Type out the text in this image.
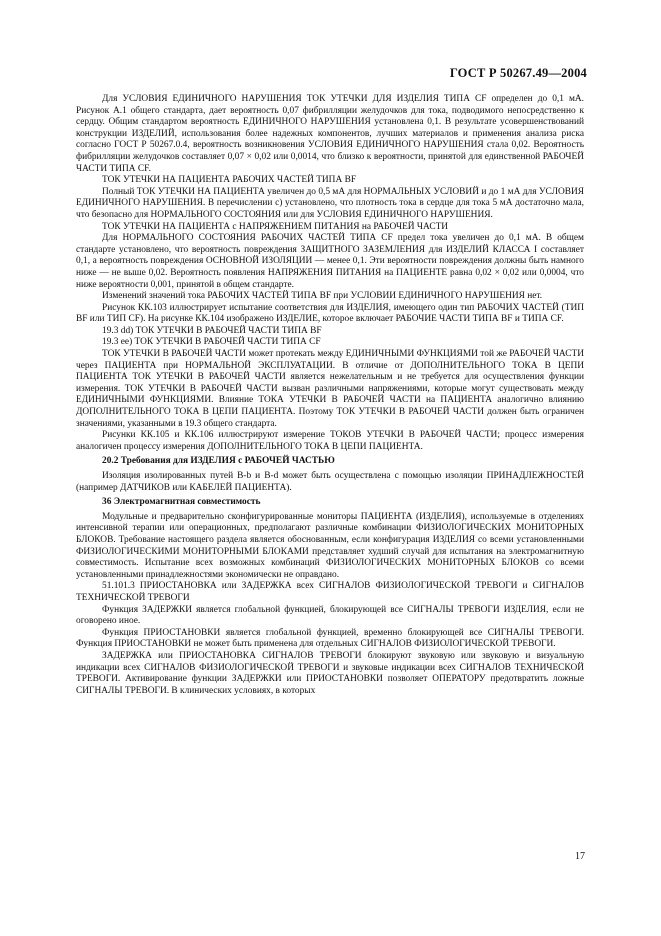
ГОСТ Р 50267.49—2004

Для УСЛОВИЯ ЕДИНИЧНОГО НАРУШЕНИЯ ТОК УТЕЧКИ ДЛЯ ИЗДЕЛИЯ ТИПА CF определен до 0,1 мА. Рисунок А.1 общего стандарта, дает вероятность 0,07 фибрилляции желудочков для тока, подводимого непосредственно к сердцу. Общим стандартом вероятность ЕДИНИЧНОГО НАРУШЕНИЯ установлена 0,1. В результате усовершенствований конструкции ИЗДЕЛИЙ, использования более надежных компонентов, лучших материалов и применения анализа риска согласно ГОСТ Р 50267.0.4, вероятность возникновения УСЛОВИЯ ЕДИНИЧНОГО НАРУШЕНИЯ стала 0,02. Вероятность фибрилляции желудочков составляет 0,07 × 0,02 или 0,0014, что близко к вероятности, принятой для единственной РАБОЧЕЙ ЧАСТИ ТИПА CF.

ТОК УТЕЧКИ НА ПАЦИЕНТА РАБОЧИХ ЧАСТЕЙ ТИПА BF

Полный ТОК УТЕЧКИ НА ПАЦИЕНТА увеличен до 0,5 мА для НОРМАЛЬНЫХ УСЛОВИЙ и до 1 мА для УСЛОВИЯ ЕДИНИЧНОГО НАРУШЕНИЯ. В перечислении с) установлено, что плотность тока в сердце для тока 5 мА достаточно мала, что безопасно для НОРМАЛЬНОГО СОСТОЯНИЯ или для УСЛОВИЯ ЕДИНИЧНОГО НАРУШЕНИЯ.

ТОК УТЕЧКИ НА ПАЦИЕНТА с НАПРЯЖЕНИЕМ ПИТАНИЯ на РАБОЧЕЙ ЧАСТИ

Для НОРМАЛЬНОГО СОСТОЯНИЯ РАБОЧИХ ЧАСТЕЙ ТИПА CF предел тока увеличен до 0,1 мА. В общем стандарте установлено, что вероятность повреждения ЗАЩИТНОГО ЗАЗЕМЛЕНИЯ для ИЗДЕЛИЙ КЛАССА I составляет 0,1, а вероятность повреждения ОСНОВНОЙ ИЗОЛЯЦИИ — менее 0,1. Эти вероятности повреждения должны быть намного ниже — не выше 0,02. Вероятность появления НАПРЯЖЕНИЯ ПИТАНИЯ на ПАЦИЕНТЕ равна 0,02 × 0,02 или 0,0004, что ниже вероятности 0,001, принятой в общем стандарте.

Изменений значений тока РАБОЧИХ ЧАСТЕЙ ТИПА BF при УСЛОВИИ ЕДИНИЧНОГО НАРУШЕНИЯ нет.

Рисунок КК.103 иллюстрирует испытание соответствия для ИЗДЕЛИЯ, имеющего один тип РАБОЧИХ ЧАСТЕЙ (ТИП BF или ТИП CF). На рисунке КК.104 изображено ИЗДЕЛИЕ, которое включает РАБОЧИЕ ЧАСТИ ТИПА BF и ТИПА CF.

19.3 dd) ТОК УТЕЧКИ В РАБОЧЕЙ ЧАСТИ ТИПА BF

19.3 ее) ТОК УТЕЧКИ В РАБОЧЕЙ ЧАСТИ ТИПА CF

ТОК УТЕЧКИ В РАБОЧЕЙ ЧАСТИ может протекать между ЕДИНИЧНЫМИ ФУНКЦИЯМИ той же РАБОЧЕЙ ЧАСТИ через ПАЦИЕНТА при НОРМАЛЬНОЙ ЭКСПЛУАТАЦИИ. В отличие от ДОПОЛНИТЕЛЬНОГО ТОКА В ЦЕПИ ПАЦИЕНТА ТОК УТЕЧКИ В РАБОЧЕЙ ЧАСТИ является нежелательным и не требуется для осуществления функции измерения. ТОК УТЕЧКИ В РАБОЧЕЙ ЧАСТИ вызван различными напряжениями, которые могут существовать между ЕДИНИЧНЫМИ ФУНКЦИЯМИ. Влияние ТОКА УТЕЧКИ В РАБОЧЕЙ ЧАСТИ на ПАЦИЕНТА аналогично влиянию ДОПОЛНИТЕЛЬНОГО ТОКА В ЦЕПИ ПАЦИЕНТА. Поэтому ТОК УТЕЧКИ В РАБОЧЕЙ ЧАСТИ должен быть ограничен значениями, указанными в 19.3 общего стандарта.

Рисунки КК.105 и КК.106 иллюстрируют измерение ТОКОВ УТЕЧКИ В РАБОЧЕЙ ЧАСТИ; процесс измерения аналогичен процессу измерения ДОПОЛНИТЕЛЬНОГО ТОКА В ЦЕПИ ПАЦИЕНТА.

20.2 Требования для ИЗДЕЛИЯ с РАБОЧЕЙ ЧАСТЬЮ

Изоляция изолированных путей В-b и В-d может быть осуществлена с помощью изоляции ПРИНАДЛЕЖНОСТЕЙ (например ДАТЧИКОВ или КАБЕЛЕЙ ПАЦИЕНТА).

36 Электромагнитная совместимость

Модульные и предварительно сконфигурированные мониторы ПАЦИЕНТА (ИЗДЕЛИЯ), используемые в отделениях интенсивной терапии или операционных, предполагают различные комбинации ФИЗИОЛОГИЧЕСКИХ МОНИТОРНЫХ БЛОКОВ. Требование настоящего раздела является обоснованным, если конфигурация ИЗДЕЛИЯ со всеми установленными ФИЗИОЛОГИЧЕСКИМИ МОНИТОРНЫМИ БЛОКАМИ представляет худший случай для испытания на электромагнитную совместимость. Испытание всех возможных комбинаций ФИЗИОЛОГИЧЕСКИХ МОНИТОРНЫХ БЛОКОВ со всеми установленными принадлежностями экономически не оправдано.

51.101.3 ПРИОСТАНОВКА или ЗАДЕРЖКА всех СИГНАЛОВ ФИЗИОЛОГИЧЕСКОЙ ТРЕВОГИ и СИГНАЛОВ ТЕХНИЧЕСКОЙ ТРЕВОГИ

Функция ЗАДЕРЖКИ является глобальной функцией, блокирующей все СИГНАЛЫ ТРЕВОГИ ИЗДЕЛИЯ, если не оговорено иное.

Функция ПРИОСТАНОВКИ является глобальной функцией, временно блокирующей все СИГНАЛЫ ТРЕВОГИ. Функция ПРИОСТАНОВКИ не может быть применена для отдельных СИГНАЛОВ ФИЗИОЛОГИЧЕСКОЙ ТРЕВОГИ.

ЗАДЕРЖКА или ПРИОСТАНОВКА СИГНАЛОВ ТРЕВОГИ блокируют звуковую или звуковую и визуальную индикации всех СИГНАЛОВ ФИЗИОЛОГИЧЕСКОЙ ТРЕВОГИ и звуковые индикации всех СИГНАЛОВ ТЕХНИЧЕСКОЙ ТРЕВОГИ. Активирование функции ЗАДЕРЖКИ или ПРИОСТАНОВКИ позволяет ОПЕРАТОРУ предотвратить ложные СИГНАЛЫ ТРЕВОГИ. В клинических условиях, в которых

17
